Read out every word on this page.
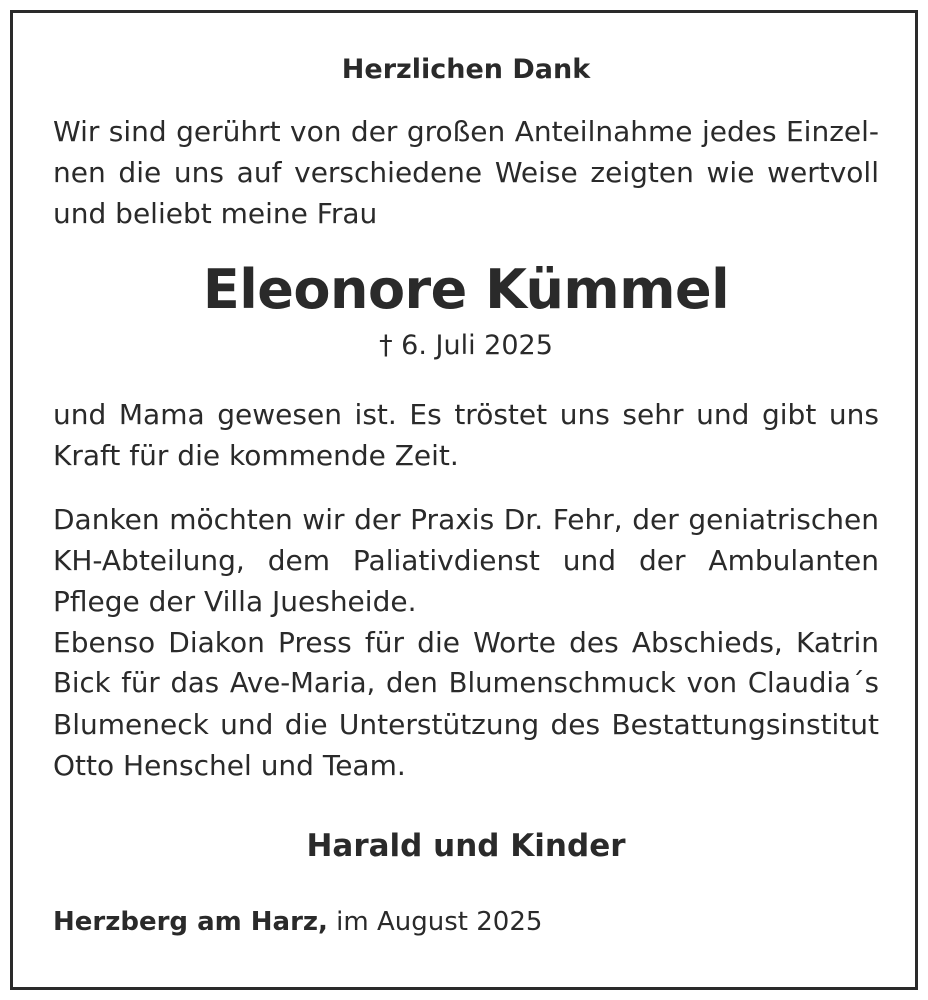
Herzlichen Dank
Wir sind gerührt von der großen Anteilnahme jedes Einzel-
nen die uns auf verschiedene Weise zeigten wie wertvoll
und beliebt meine Frau
Eleonore Kümmel
† 6. Juli 2025
und Mama gewesen ist. Es tröstet uns sehr und gibt uns
Kraft für die kommende Zeit.
Danken möchten wir der Praxis Dr. Fehr, der geniatrischen
KH-Abteilung, dem Paliativdienst und der Ambulanten
Pflege der Villa Juesheide.
Ebenso Diakon Press für die Worte des Abschieds, Katrin
Bick für das Ave-Maria, den Blumenschmuck von Claudia´s
Blumeneck und die Unterstützung des Bestattungsinstitut
Otto Henschel und Team.
Harald und Kinder
Herzberg am Harz, im August 2025
